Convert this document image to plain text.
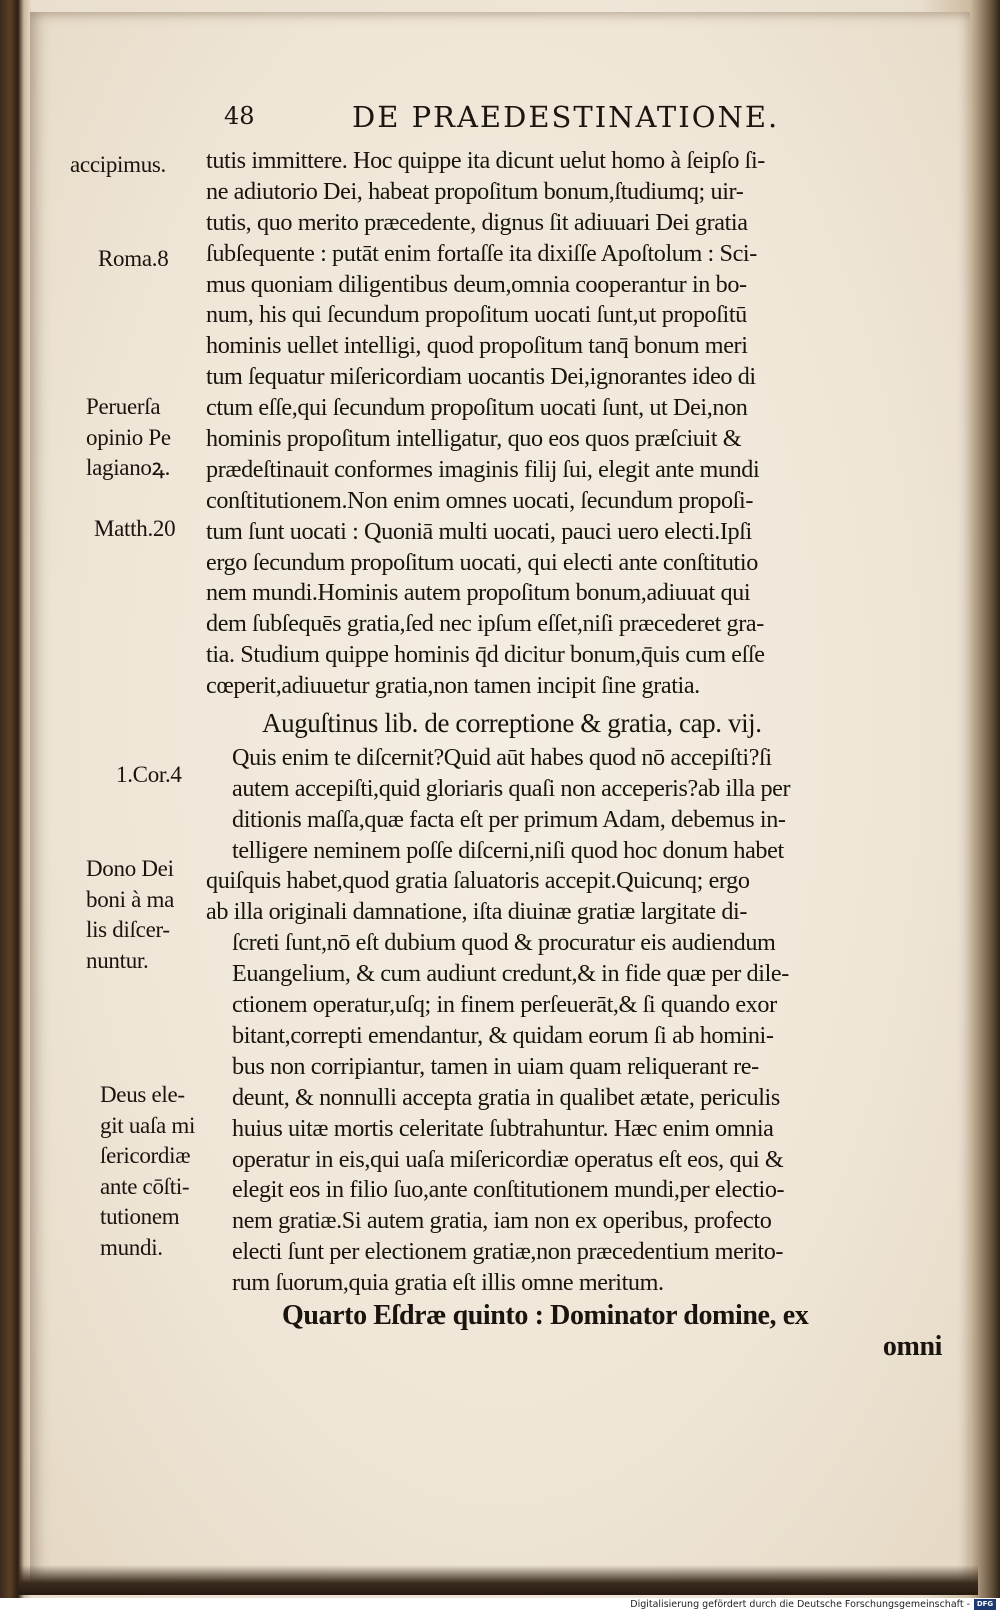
48	DE PRAEDESTINATIONE.
accipimus.
Roma.8
Peruerſa
opinio Pe
lagianoꝝ.
Matth.20
1.Cor.4
Dono Dei
boni à ma
lis diſcer-
nuntur.
Deus ele-
git uaſa mi
ſericordiæ
ante cōſti-
tutionem
mundi.
tutis immittere. Hoc quippe ita dicunt uelut homo à ſeipſo ſi-
ne adiutorio Dei, habeat propoſitum bonum,ſtudiumq; uir-
tutis, quo merito præcedente, dignus ſit adiuuari Dei gratia
ſubſequente : putāt enim fortaſſe ita dixiſſe Apoſtolum : Sci-
mus quoniam diligentibus deum,omnia cooperantur in bo-
num, his qui ſecundum propoſitum uocati ſunt,ut propoſitū
hominis uellet intelligi, quod propoſitum tanq̄ bonum meri
tum ſequatur miſericordiam uocantis Dei,ignorantes ideo di
ctum eſſe,qui ſecundum propoſitum uocati ſunt, ut Dei,non
hominis propoſitum intelligatur, quo eos quos præſciuit &
prædeſtinauit conformes imaginis filij ſui, elegit ante mundi
conſtitutionem.Non enim omnes uocati, ſecundum propoſi-
tum ſunt uocati : Quoniā multi uocati, pauci uero electi.Ipſi
ergo ſecundum propoſitum uocati, qui electi ante conſtitutio
nem mundi.Hominis autem propoſitum bonum,adiuuat qui
dem ſubſequēs gratia,ſed nec ipſum eſſet,niſi præcederet gra-
tia. Studium quippe hominis q̄d dicitur bonum,q̄uis cum eſſe
cœperit,adiuuetur gratia,non tamen incipit ſine gratia.
Auguſtinus lib. de correptione & gratia, cap. vij.
Quis enim te diſcernit?Quid aūt habes quod nō accepiſti?ſi
autem accepiſti,quid gloriaris quaſi non acceperis?ab illa per
ditionis maſſa,quæ facta eſt per primum Adam, debemus in-
telligere neminem poſſe diſcerni,niſi quod hoc donum habet
quiſquis habet,quod gratia ſaluatoris accepit.Quicunq; ergo
ab illa originali damnatione, iſta diuinæ gratiæ largitate di-
ſcreti ſunt,nō eſt dubium quod & procuratur eis audiendum
Euangelium, & cum audiunt credunt,& in fide quæ per dile-
ctionem operatur,uſq; in finem perſeuerāt,& ſi quando exor
bitant,correpti emendantur, & quidam eorum ſi ab homini-
bus non corripiantur, tamen in uiam quam reliquerant re-
deunt, & nonnulli accepta gratia in qualibet ætate, periculis
huius uitæ mortis celeritate ſubtrahuntur. Hæc enim omnia
operatur in eis,qui uaſa miſericordiæ operatus eſt eos, qui &
elegit eos in filio ſuo,ante conſtitutionem mundi,per electio-
nem gratiæ.Si autem gratia, iam non ex operibus, profecto
electi ſunt per electionem gratiæ,non præcedentium merito-
rum ſuorum,quia gratia eſt illis omne meritum.
Quarto Eſdræ quinto : Dominator domine, ex
omni
Digitalisierung gefördert durch die Deutsche Forschungsgemeinschaft - DFG
